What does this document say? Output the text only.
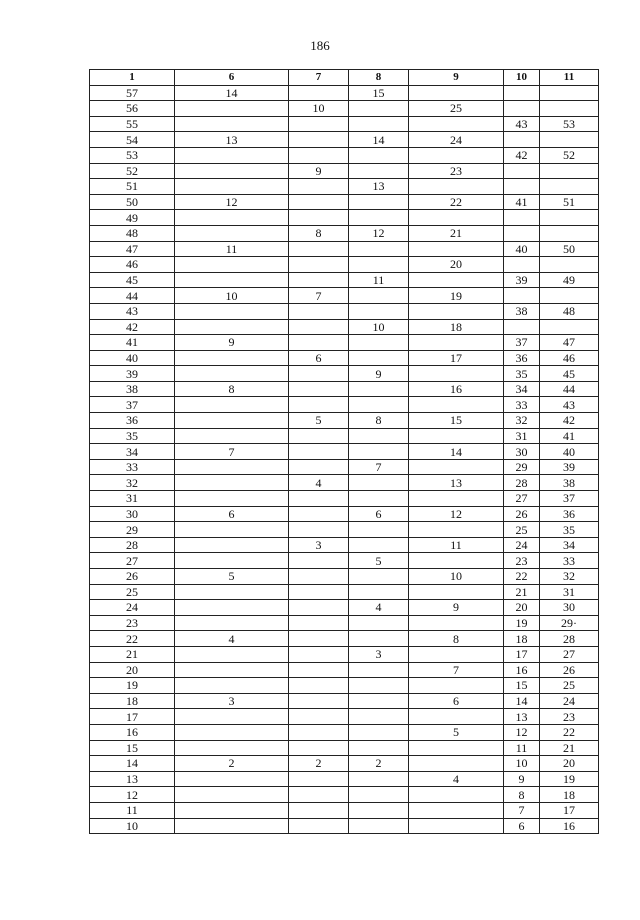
186
1	6	7	8	9	10	11
57	14		15			
56		10		25		
55					43	53
54	13		14	24		
53					42	52
52		9		23		
51			13			
50	12			22	41	51
49						
48		8	12	21		
47	11				40	50
46				20		
45			11		39	49
44	10	7		19		
43					38	48
42			10	18		
41	9				37	47
40		6		17	36	46
39			9		35	45
38	8			16	34	44
37					33	43
36		5	8	15	32	42
35					31	41
34	7			14	30	40
33			7		29	39
32		4		13	28	38
31					27	37
30	6		6	12	26	36
29					25	35
28		3		11	24	34
27			5		23	33
26	5			10	22	32
25					21	31
24			4	9	20	30
23					19	29·
22	4			8	18	28
21			3		17	27
20				7	16	26
19					15	25
18	3			6	14	24
17					13	23
16				5	12	22
15					11	21
14	2	2	2		10	20
13				4	9	19
12					8	18
11					7	17
10					6	16
